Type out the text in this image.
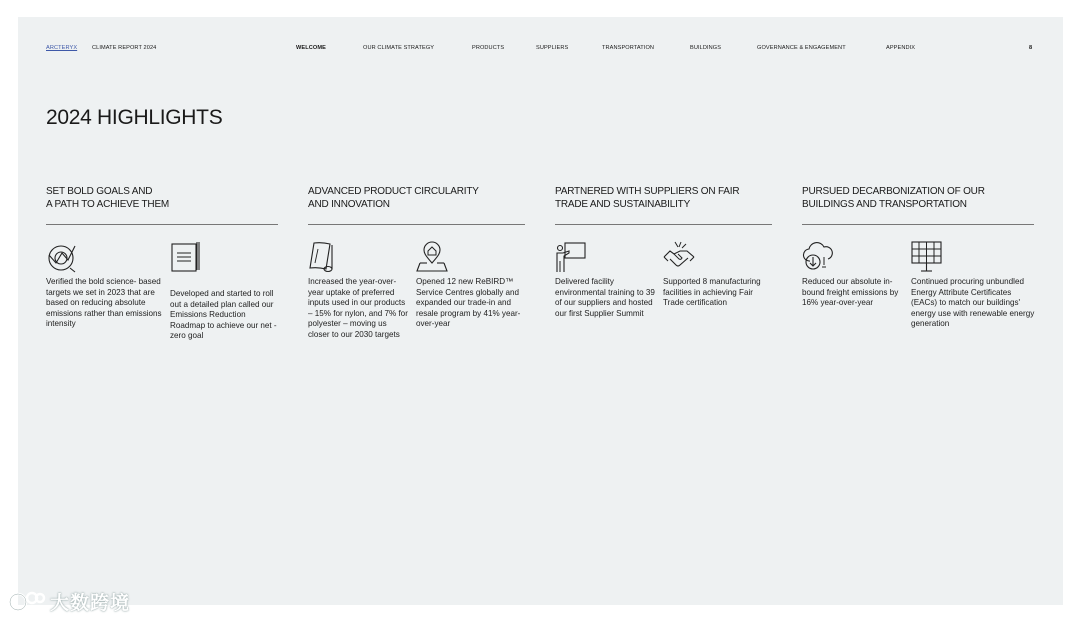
ARCTERYX	CLIMATE REPORT 2024	WELCOME	OUR CLIMATE STRATEGY	PRODUCTS	SUPPLIERS	TRANSPORTATION	BUILDINGS	GOVERNANCE & ENGAGEMENT	APPENDIX	8
2024 HIGHLIGHTS
SET BOLD GOALS AND
A PATH TO ACHIEVE THEM
Verified the bold science- based targets we set in 2023 that are based on reducing absolute emissions rather than emissions intensity
Developed and started to roll out a detailed plan called our Emissions Reduction Roadmap to achieve our net -zero goal
ADVANCED PRODUCT CIRCULARITY
AND INNOVATION
Increased the year-over- year uptake of preferred inputs used in our products – 15% for nylon, and 7% for polyester – moving us closer to our 2030 targets
Opened 12 new ReBIRD™ Service Centres globally and expanded our trade-in and resale program by 41% year- over-year
PARTNERED WITH SUPPLIERS ON FAIR
TRADE AND SUSTAINABILITY
Delivered facility environmental training to 39 of our suppliers and hosted our first Supplier Summit
Supported 8 manufacturing facilities in achieving Fair Trade certification
PURSUED DECARBONIZATION OF OUR
BUILDINGS AND TRANSPORTATION
Reduced our absolute in- bound freight emissions by 16% year-over-year
Continued procuring unbundled Energy Attribute Certificates (EACs) to match our buildings' energy use with renewable energy generation
大数跨境
